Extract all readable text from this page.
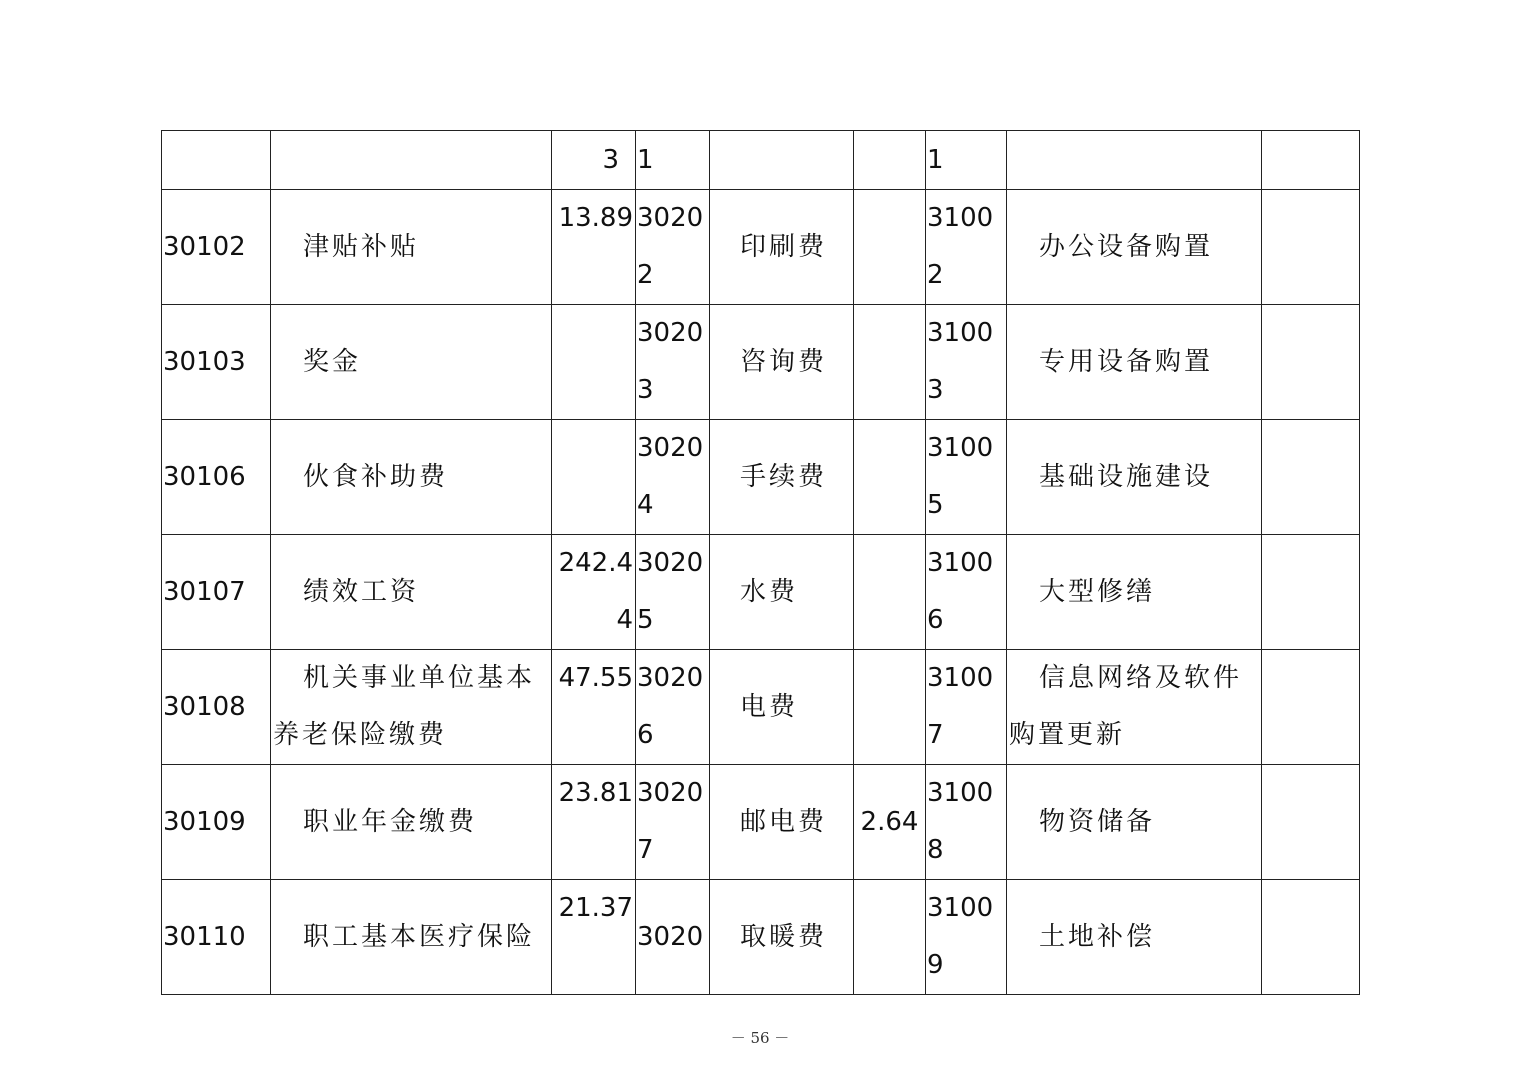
		3	1			1		
30102	津贴补贴	13.89	30202	印刷费		31002	办公设备购置	
30103	奖金		30203	咨询费		31003	专用设备购置	
30106	伙食补助费		30204	手续费		31005	基础设施建设	
30107	绩效工资	242.44	30205	水费		31006	大型修缮	
30108	机关事业单位基本养老保险缴费	47.55	30206	电费		31007	信息网络及软件购置更新	
30109	职业年金缴费	23.81	30207	邮电费	2.64	31008	物资储备	
30110	职工基本医疗保险	21.37	3020	取暖费		31009	土地补偿	
－ 56 －
